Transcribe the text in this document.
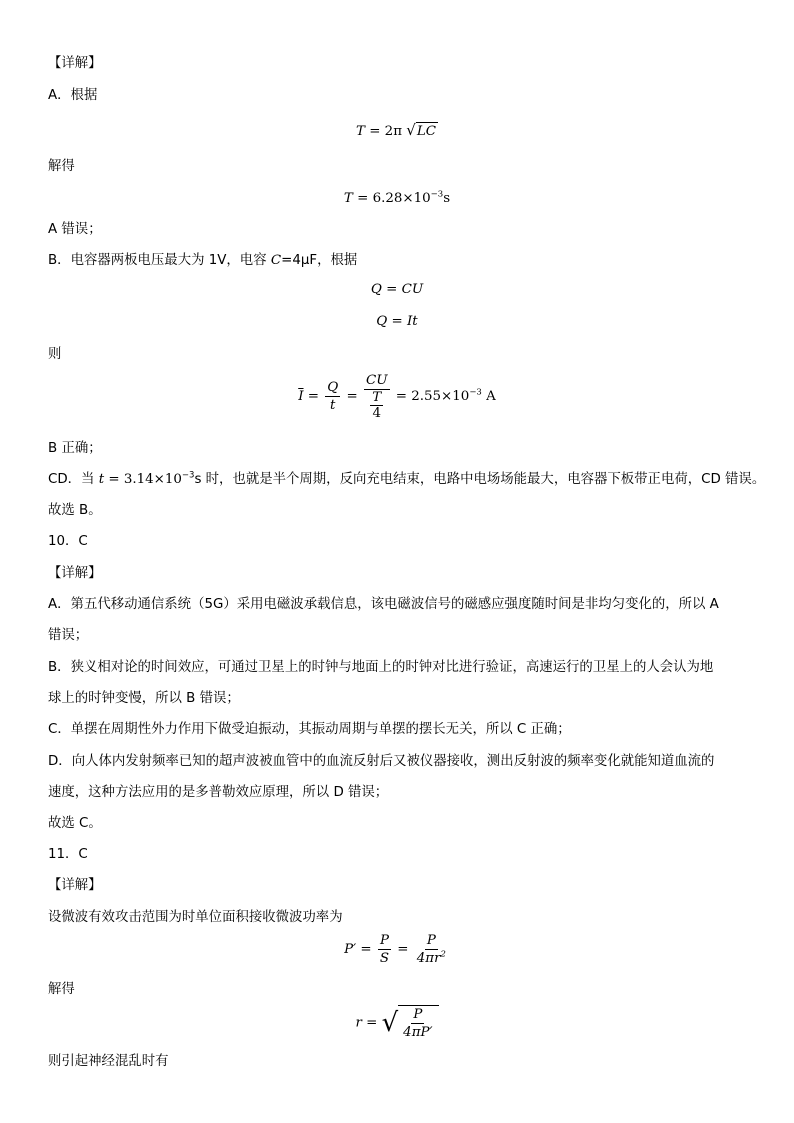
【详解】
A．根据
T = 2π √LC
解得
$T = 6.28\times 10^{-3}s$
A 错误；
B．电容器两板电压最大为 1V，电容 C=4μF，根据
Q = CU
Q = It
则
$\overline{I} = \frac{Q}{t} = \frac{CU}{\frac{T}{4}} = 2.55\times 10^{-3}$ A
B 正确；
CD．当 $t = 3.14\times 10^{-3}s$ 时，也就是半个周期，反向充电结束，电路中电场场能最大，电容器下板带正电荷，CD 错误。
故选 B。
10．C
【详解】
A．第五代移动通信系统（5G）采用电磁波承载信息，该电磁波信号的磁感应强度随时间是非均匀变化的，所以 A
错误；
B．狭义相对论的时间效应，可通过卫星上的时钟与地面上的时钟对比进行验证，高速运行的卫星上的人会认为地
球上的时钟变慢，所以 B 错误；
C．单摆在周期性外力作用下做受迫振动，其振动周期与单摆的摆长无关，所以 C 正确；
D．向人体内发射频率已知的超声波被血管中的血流反射后又被仪器接收，测出反射波的频率变化就能知道血流的
速度，这种方法应用的是多普勒效应原理，所以 D 错误；
故选 C。
11．C
【详解】
设微波有效攻击范围为时单位面积接收微波功率为
$P' = \frac{P}{S} = \frac{P}{4\pi r^2}$
解得
r = √ $\frac{P}{4\pi P'}$
则引起神经混乱时有
